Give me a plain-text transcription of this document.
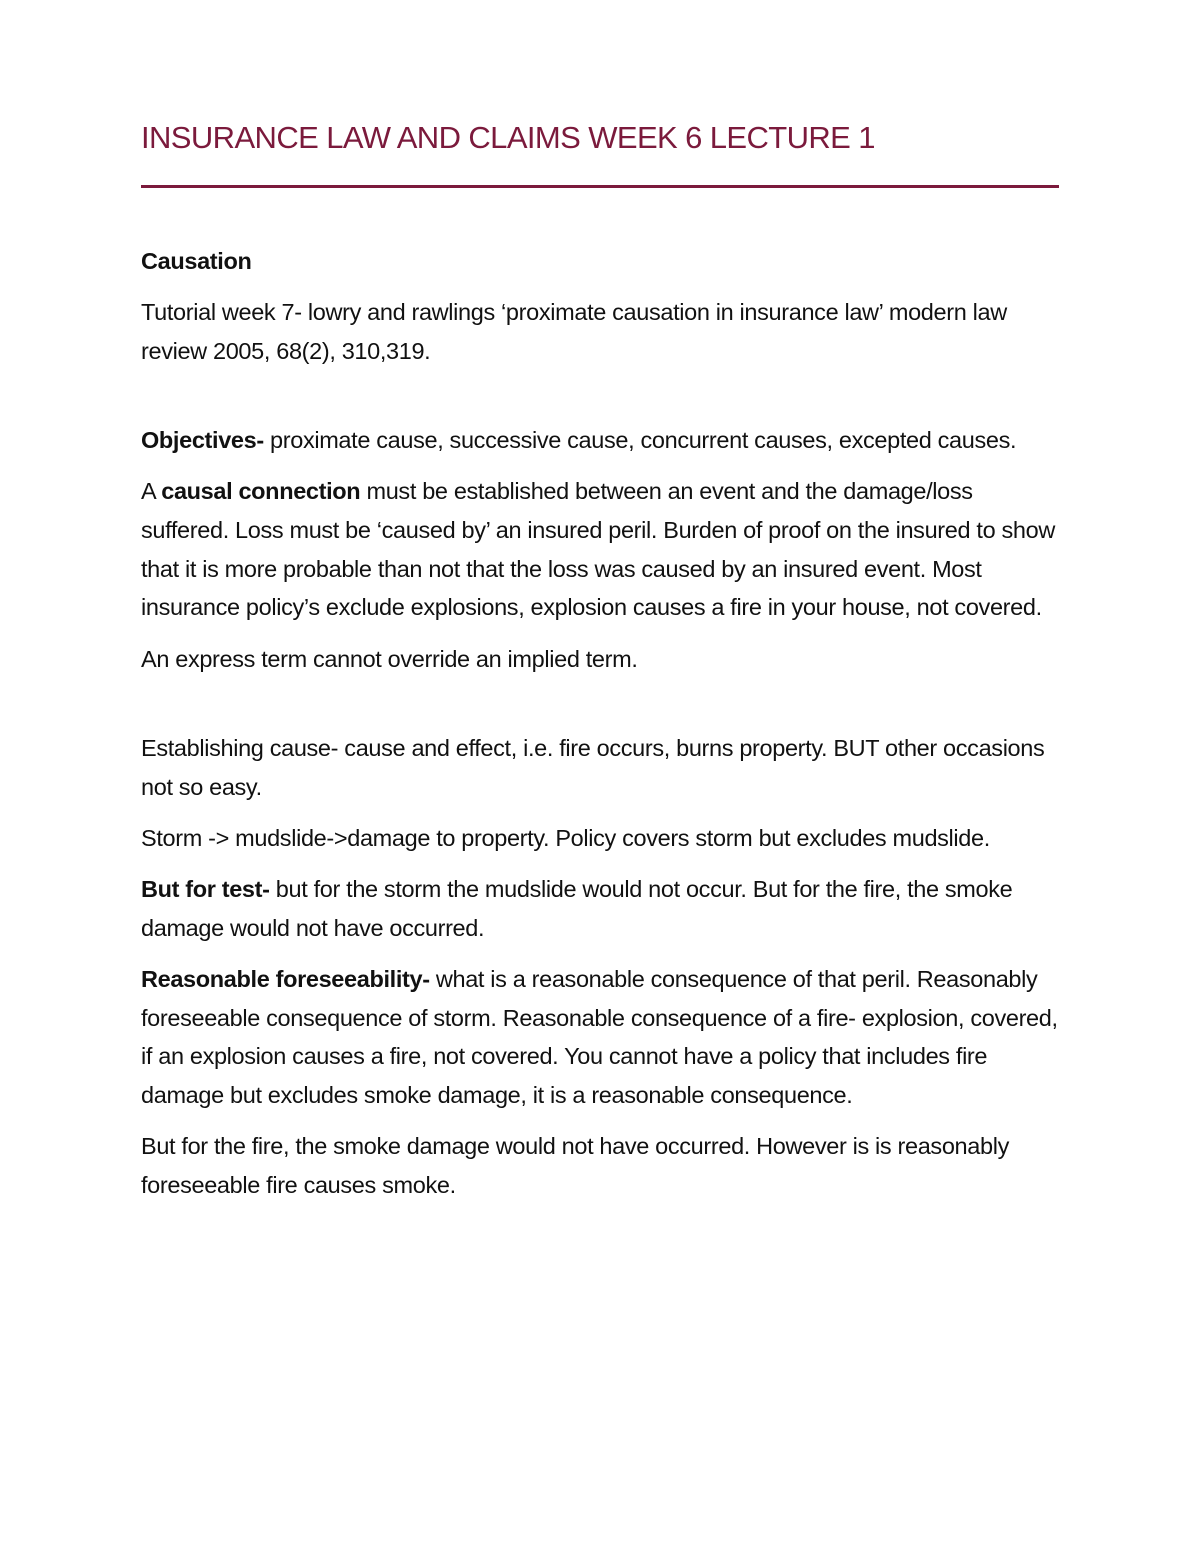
INSURANCE LAW AND CLAIMS WEEK 6 LECTURE 1

Causation

Tutorial week 7- lowry and rawlings ‘proximate causation in insurance law’ modern law review 2005, 68(2), 310,319.

Objectives- proximate cause, successive cause, concurrent causes, excepted causes.

A causal connection must be established between an event and the damage/loss suffered. Loss must be ‘caused by’ an insured peril. Burden of proof on the insured to show that it is more probable than not that the loss was caused by an insured event. Most insurance policy’s exclude explosions, explosion causes a fire in your house, not covered.

An express term cannot override an implied term.

Establishing cause- cause and effect, i.e. fire occurs, burns property. BUT other occasions not so easy.

Storm -> mudslide->damage to property. Policy covers storm but excludes mudslide.

But for test- but for the storm the mudslide would not occur. But for the fire, the smoke damage would not have occurred.

Reasonable foreseeability- what is a reasonable consequence of that peril. Reasonably foreseeable consequence of storm. Reasonable consequence of a fire- explosion, covered, if an explosion causes a fire, not covered. You cannot have a policy that includes fire damage but excludes smoke damage, it is a reasonable consequence.

But for the fire, the smoke damage would not have occurred. However is is reasonably foreseeable fire causes smoke.
